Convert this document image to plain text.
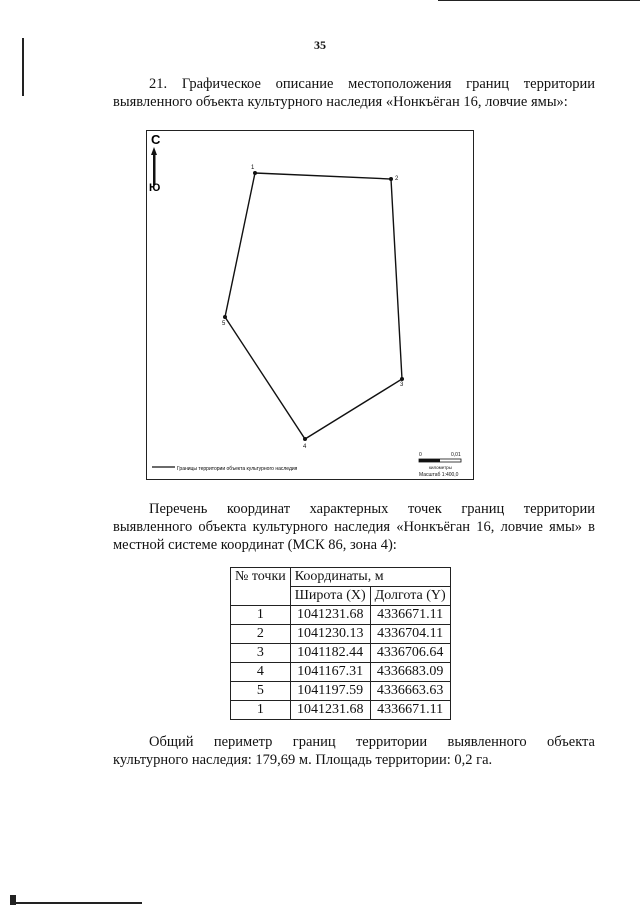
35
21. Графическое описание местоположения границ территории
выявленного объекта культурного наследия «Нонкъёган 16, ловчие ямы»:
С
Ю
1
2
3
4
5
Границы территории объекта культурного наследия
0	0,01
километры
Масштаб 1:400,0
Перечень координат характерных точек границ территории
выявленного объекта культурного наследия «Нонкъёган 16, ловчие ямы» в
местной системе координат (МСК 86, зона 4):
№ точки	Координаты, м	
	Широта (X)	Долгота (Y)
1	1041231.68	4336671.11
2	1041230.13	4336704.11
3	1041182.44	4336706.64
4	1041167.31	4336683.09
5	1041197.59	4336663.63
1	1041231.68	4336671.11
Общий периметр границ территории выявленного объекта
культурного наследия: 179,69 м. Площадь территории: 0,2 га.
